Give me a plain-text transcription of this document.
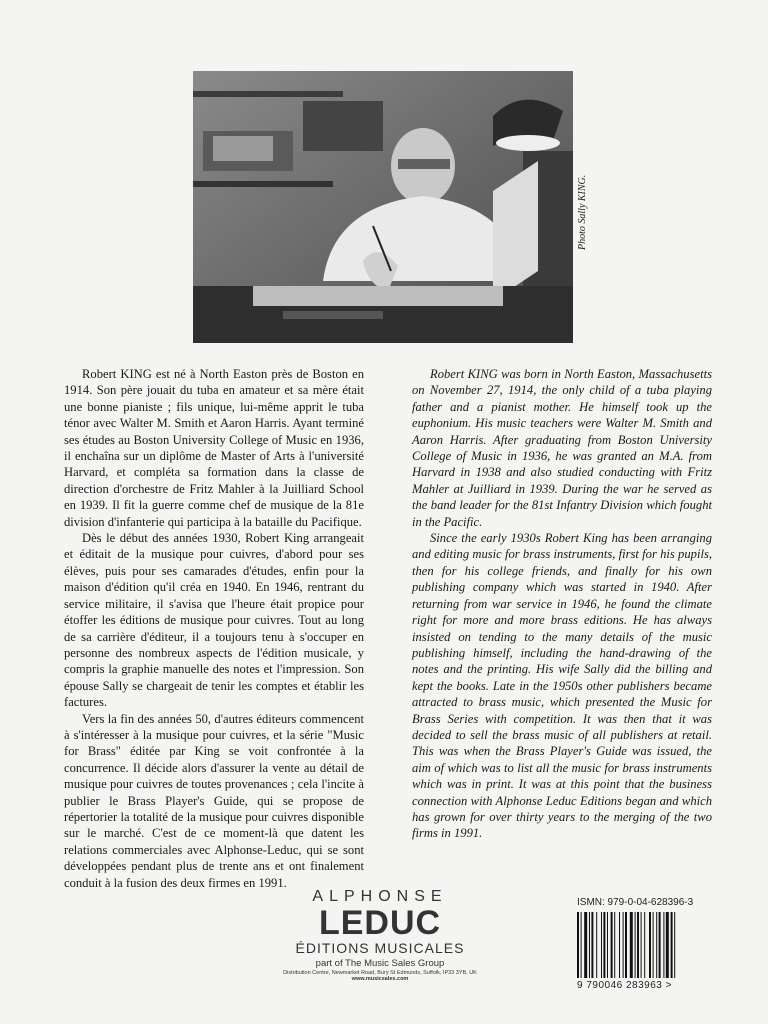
Photo Sally KING.

Robert KING est né à North Easton près de Boston en 1914. Son père jouait du tuba en amateur et sa mère était une bonne pianiste ; fils unique, lui-même apprit le tuba ténor avec Walter M. Smith et Aaron Harris. Ayant terminé ses études au Boston University College of Music en 1936, il enchaîna sur un diplôme de Master of Arts à l'université Harvard, et compléta sa formation dans la classe de direction d'orchestre de Fritz Mahler à la Juilliard School en 1939. Il fit la guerre comme chef de musique de la 81e division d'infanterie qui participa à la bataille du Pacifique.

Dès le début des années 1930, Robert King arrangeait et éditait de la musique pour cuivres, d'abord pour ses élèves, puis pour ses camarades d'études, enfin pour la maison d'édition qu'il créa en 1940. En 1946, rentrant du service militaire, il s'avisa que l'heure était propice pour étoffer les éditions de musique pour cuivres. Tout au long de sa carrière d'éditeur, il a toujours tenu à s'occuper en personne des nombreux aspects de l'édition musicale, y compris la graphie manuelle des notes et l'impression. Son épouse Sally se chargeait de tenir les comptes et établir les factures.

Vers la fin des années 50, d'autres éditeurs commencent à s'intéresser à la musique pour cuivres, et la série "Music for Brass" éditée par King se voit confrontée à la concurrence. Il décide alors d'assurer la vente au détail de musique pour cuivres de toutes provenances ; cela l'incite à publier le Brass Player's Guide, qui se propose de répertorier la totalité de la musique pour cuivres disponible sur le marché. C'est de ce moment-là que datent les relations commerciales avec Alphonse-Leduc, qui se sont développées pendant plus de trente ans et ont finalement conduit à la fusion des deux firmes en 1991.

Robert KING was born in North Easton, Massachusetts on November 27, 1914, the only child of a tuba playing father and a pianist mother. He himself took up the euphonium. His music teachers were Walter M. Smith and Aaron Harris. After graduating from Boston University College of Music in 1936, he was granted an M.A. from Harvard in 1938 and also studied conducting with Fritz Mahler at Juilliard in 1939. During the war he served as the band leader for the 81st Infantry Division which fought in the Pacific.

Since the early 1930s Robert King has been arranging and editing music for brass instruments, first for his pupils, then for his college friends, and finally for his own publishing company which was started in 1940. After returning from war service in 1946, he found the climate right for more and more brass editions. He has always insisted on tending to the many details of the music publishing himself, including the hand-drawing of the notes and the printing. His wife Sally did the billing and kept the books. Late in the 1950s other publishers became attracted to brass music, which presented the Music for Brass Series with competition. It was then that it was decided to sell the brass music of all publishers at retail. This was when the Brass Player's Guide was issued, the aim of which was to list all the music for brass instruments which was in print. It was at this point that the business connection with Alphonse Leduc Editions began and which has grown for over thirty years to the merging of the two firms in 1991.

ALPHONSE
LEDUC
ÉDITIONS MUSICALES
part of The Music Sales Group
Distribution Centre, Newmarket Road, Bury St Edmunds, Suffolk, IP33 3YB, UK
www.musicsales.com
ISMN: 979-0-04-628396-3
9 790046 283963 >
